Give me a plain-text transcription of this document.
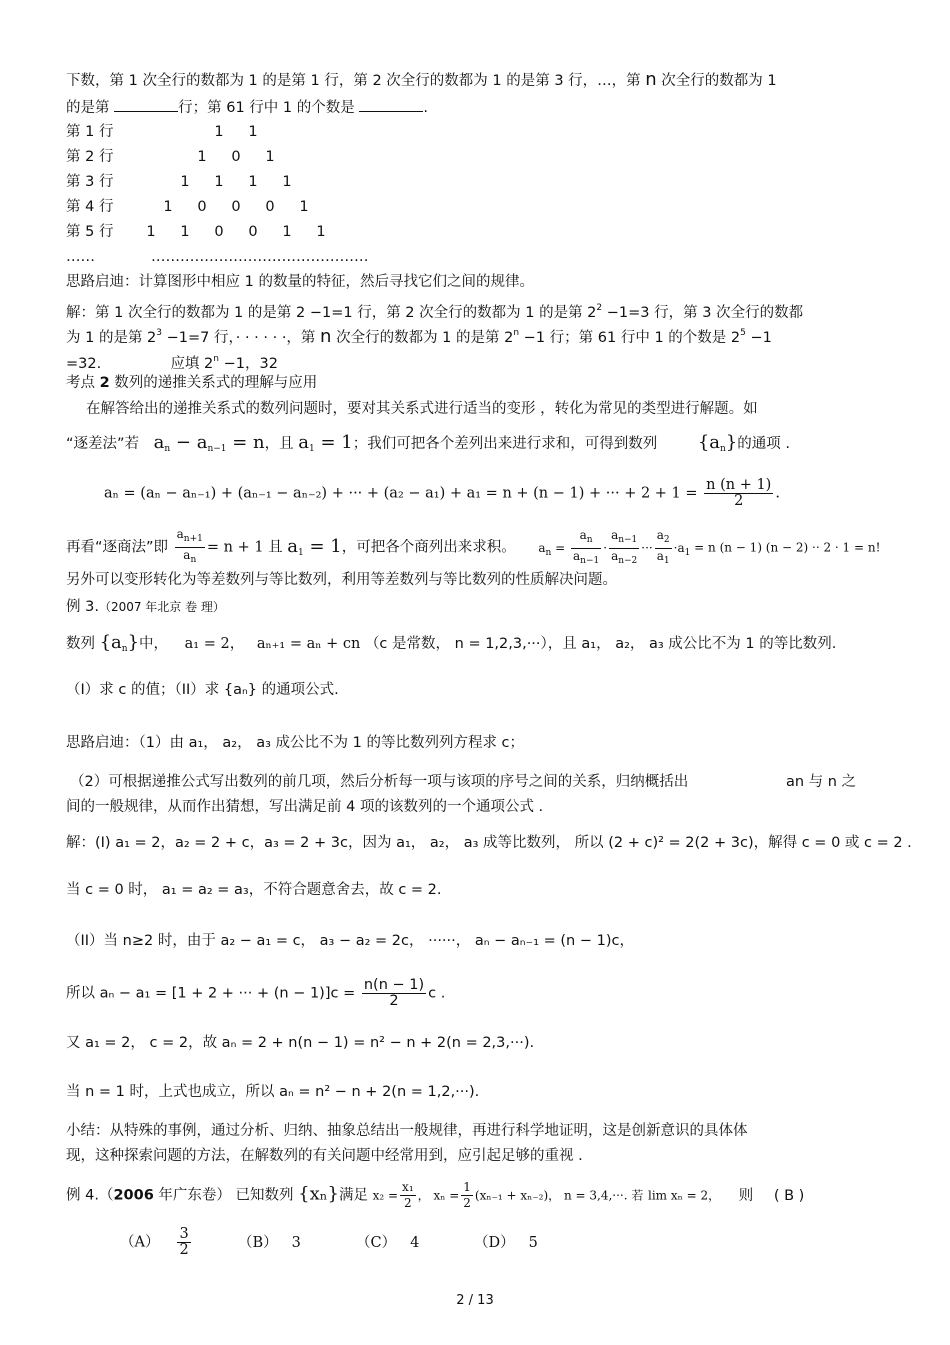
下数，第 1 次全行的数都为 1 的是第 1 行，第 2 次全行的数都为 1 的是第 3 行，…，第 n 次全行的数都为 1
的是第	行；第 61 行中 1 的个数是	.
第 1 行	1 1
第 2 行	1 0 1
第 3 行	1 1 1 1
第 4 行	1 0 0 0 1
第 5 行 1 1 0 0 1 1
……	………………………………………
思路启迪：计算图形中相应 1 的数量的特征，然后寻找它们之间的规律。
解：第 1 次全行的数都为 1 的是第 2 −1=1 行，第 2 次全行的数都为 1 的是第 $2^2 -1=3$ 行，第 3 次全行的数都
为 1 的是第 $2^3 -1=7$ 行，· · · · · ·，第 n 次全行的数都为 1 的是第 $2^n -1$ 行；第 61 行中 1 的个数是 $2^5 -1$
=32.	应填 $2^n -1$，32
考点 2 数列的递推关系式的理解与应用
在解答给出的递推关系式的数列问题时，要对其关系式进行适当的变形 ，转化为常见的类型进行解题。如
“逐差法”若 $a_n - a_{n-1} = n$，且 $a_1 = 1$；我们可把各个差列出来进行求和，可得到数列 $\{a_n\}$的通项 .
aₙ = (aₙ − aₙ₋₁) + (aₙ₋₁ − aₙ₋₂) + ··· + (a₂ − a₁) + a₁ = n + (n − 1) + ··· + $2 + 1 = \frac{n (n + 1)}{2}$ .
再看“逐商法”即 $\frac{a_{n+1}}{a_n} = n + 1$ 且 $a_1 = 1$，可把各个商列出来求积。 $a_n = \frac{a_n}{a_{n-1}} \cdot \frac{a_{n-1}}{a_{n-2}}$ ··· $\frac{a_2}{a_1} \cdot a_1 = n$ (n − 1) (n − 2) ·· 2 · 1 = n!
另外可以变形转化为等差数列与等比数列，利用等差数列与等比数列的性质解决问题。
例 3.（2007 年北京 卷 理）
数列 $\{a_n\}$中， a₁ = 2， aₙ₊₁ = aₙ + cn （c 是常数， n = 1,2,3,···），且 a₁， a₂， a₃ 成公比不为 1 的等比数列.
（I）求 c 的值；（II）求 {aₙ} 的通项公式.
思路启迪：（1）由 a₁， a₂， a₃ 成公比不为 1 的等比数列列方程求 c；
（2）可根据递推公式写出数列的前几项，然后分析每一项与该项的序号之间的关系，归纳概括出	an 与 n 之
间的一般规律，从而作出猜想，写出满足前 4 项的该数列的一个通项公式 .
解：(I) a₁ = 2，a₂ = 2 + c，a₃ = 2 + 3c，因为 a₁， a₂， a₃ 成等比数列， 所以 (2 + c)² = 2(2 + 3c)，解得 c = 0 或 c = 2 .
当 c = 0 时， a₁ = a₂ = a₃，不符合题意舍去，故 c = 2.
（II）当 n≥2 时，由于 a₂ − a₁ = c， a₃ − a₂ = 2c， ······， aₙ − aₙ₋₁ = (n − 1)c，
所以 aₙ − a₁ = [1 + 2 + ··· + $(n - 1)]c = \frac{n(n - 1)}{2}$ c .
又 a₁ = 2， c = 2，故 aₙ = 2 + n(n − 1) = n² − n + 2(n = 2,3,···).
当 n = 1 时，上式也成立，所以 aₙ = n² − n + 2(n = 1,2,···).
小结：从特殊的事例，通过分析、归纳、抽象总结出一般规律，再进行科学地证明，这是创新意识的具体体
现，这种探索问题的方法，在解数列的有关问题中经常用到，应引起足够的重视 .
例 4.（2006 年广东卷） 已知数列 {xₙ}满足 $x_2 = \frac{\text{x₁}}{2}$ ， $x_n = \frac{1}{2} (x_{n-1} + x_{n-2})$， n = 3,4,···. 若 lim xₙ = 2， 则 ( B )
$(A) \frac{3}{2}$	（B） 3	（C） 4	（D） 5
2 / 13
